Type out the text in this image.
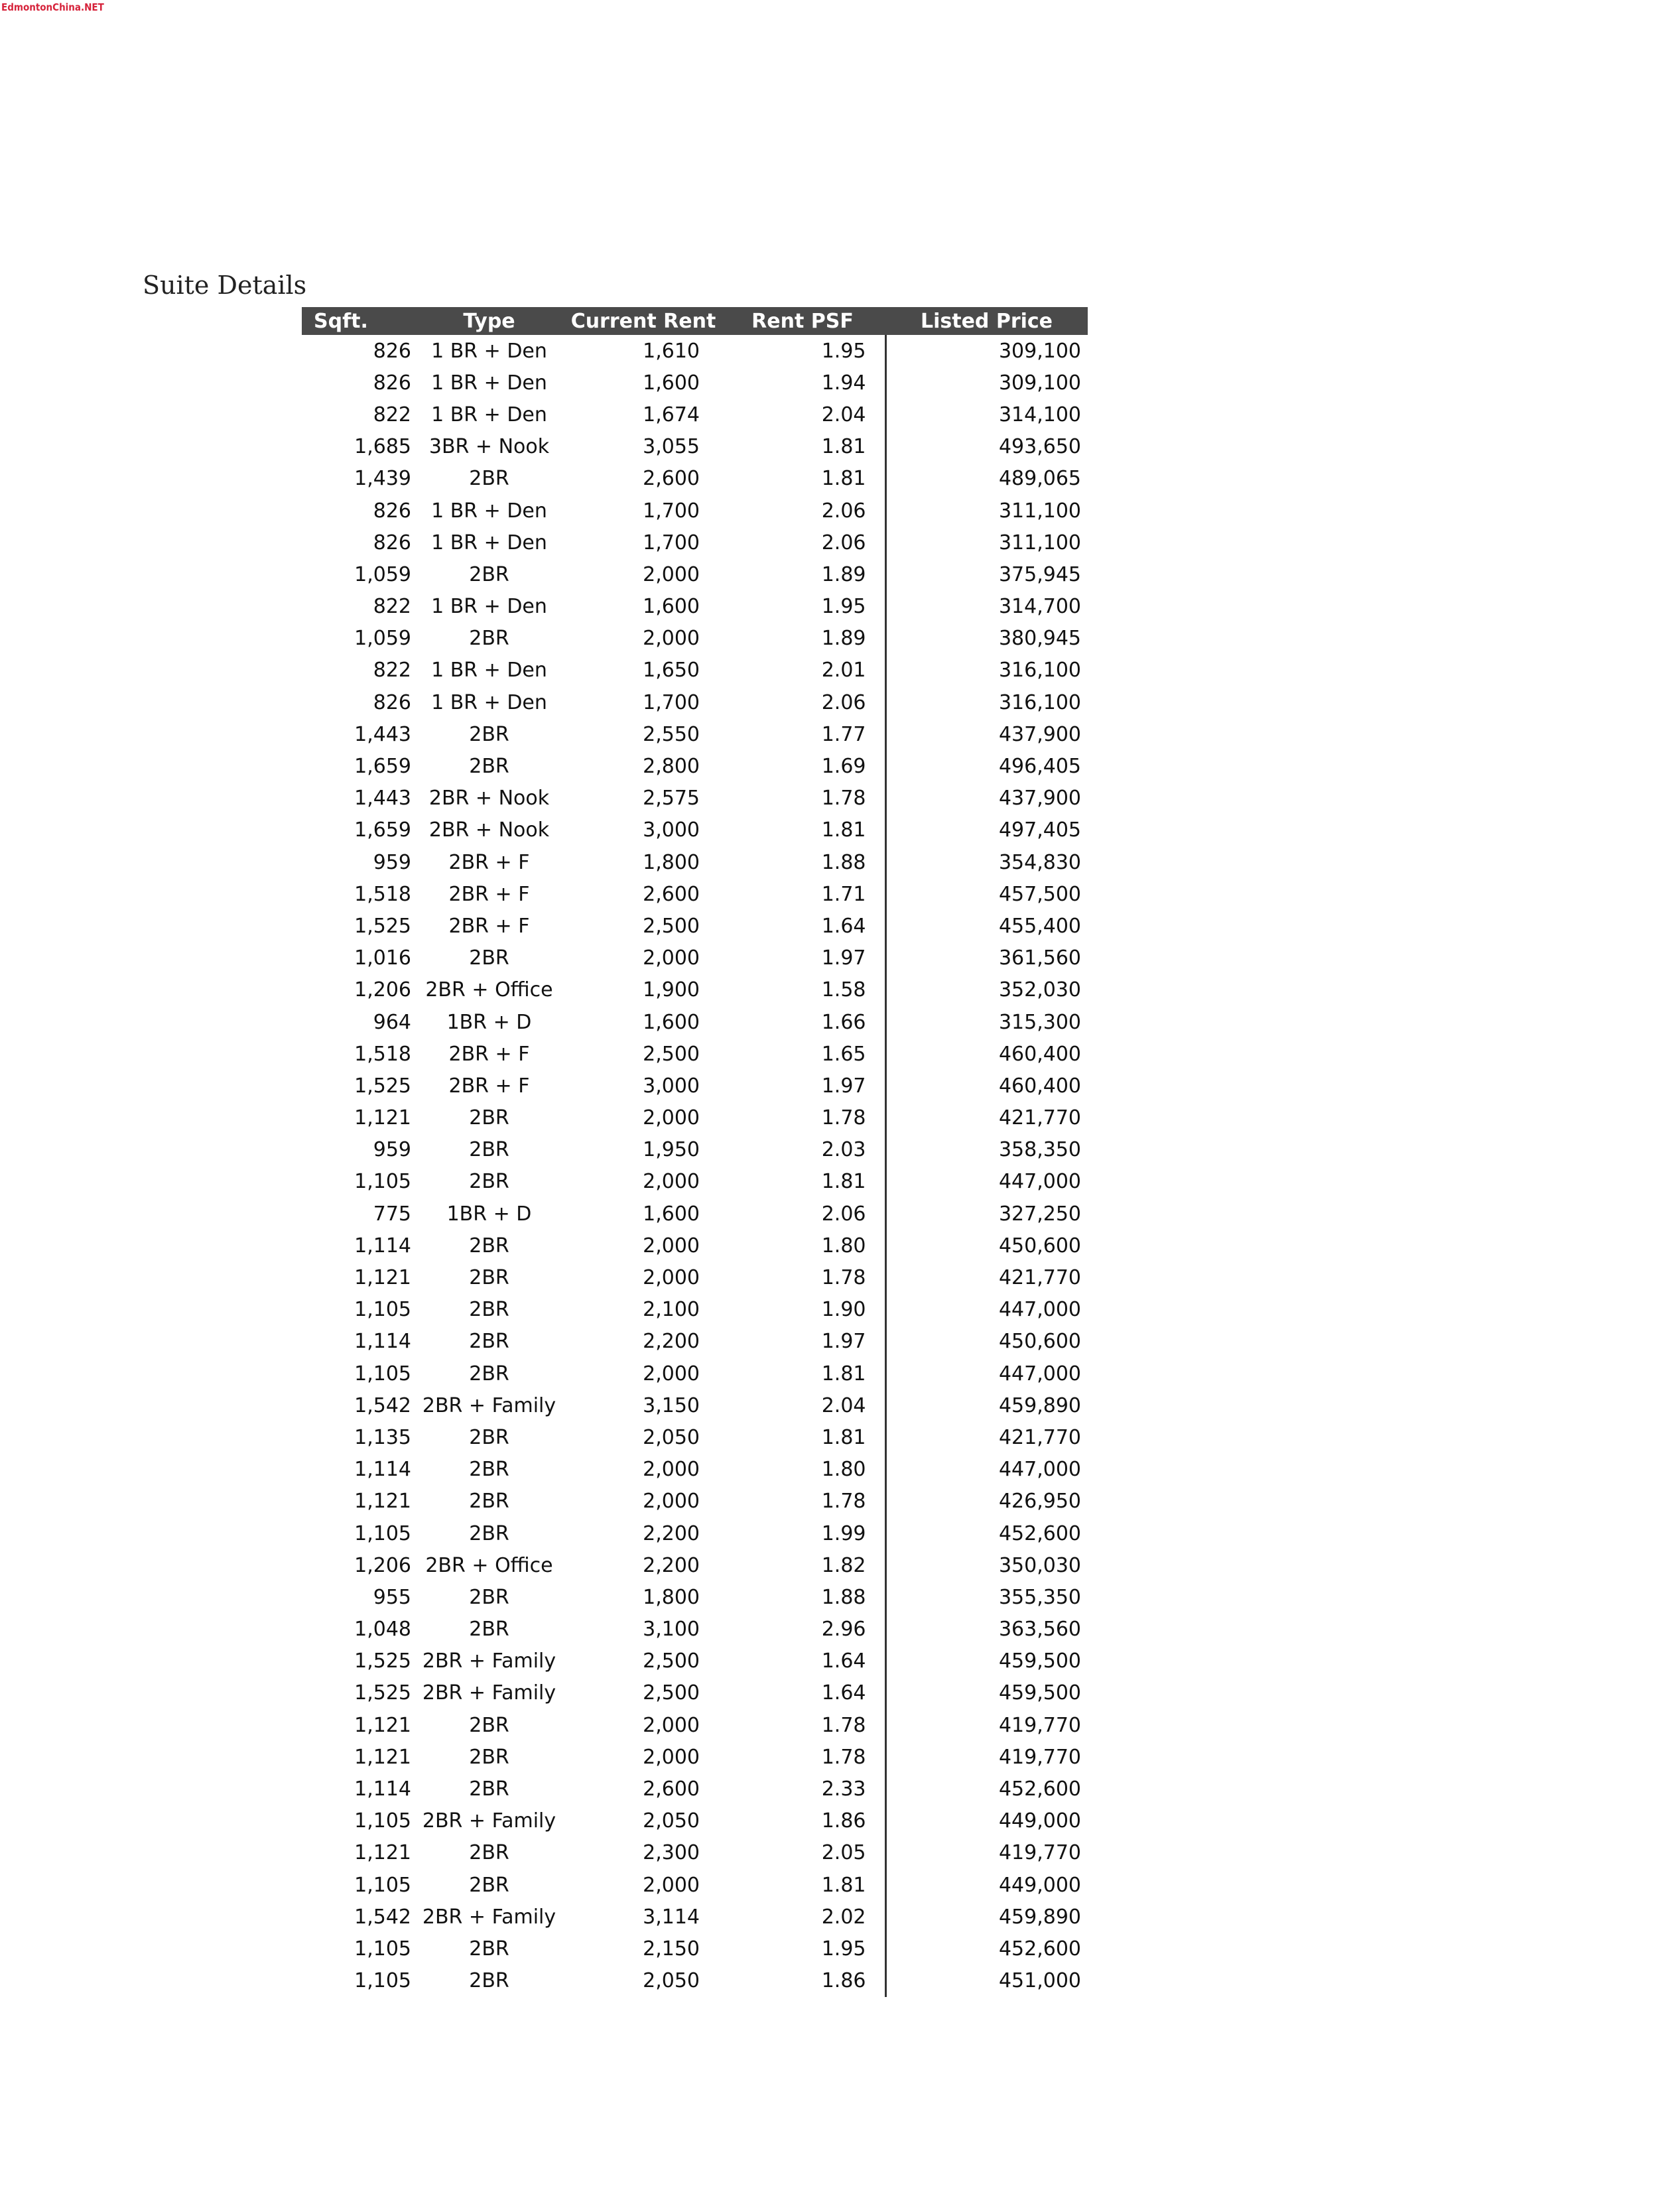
EdmontonChina.NET
Suite Details
Sqft.	Type	Current Rent	Rent PSF	Listed Price
826	1 BR + Den	1,610	1.95	309,100
826	1 BR + Den	1,600	1.94	309,100
822	1 BR + Den	1,674	2.04	314,100
1,685	3BR + Nook	3,055	1.81	493,650
1,439	2BR	2,600	1.81	489,065
826	1 BR + Den	1,700	2.06	311,100
826	1 BR + Den	1,700	2.06	311,100
1,059	2BR	2,000	1.89	375,945
822	1 BR + Den	1,600	1.95	314,700
1,059	2BR	2,000	1.89	380,945
822	1 BR + Den	1,650	2.01	316,100
826	1 BR + Den	1,700	2.06	316,100
1,443	2BR	2,550	1.77	437,900
1,659	2BR	2,800	1.69	496,405
1,443	2BR + Nook	2,575	1.78	437,900
1,659	2BR + Nook	3,000	1.81	497,405
959	2BR + F	1,800	1.88	354,830
1,518	2BR + F	2,600	1.71	457,500
1,525	2BR + F	2,500	1.64	455,400
1,016	2BR	2,000	1.97	361,560
1,206	2BR + Office	1,900	1.58	352,030
964	1BR + D	1,600	1.66	315,300
1,518	2BR + F	2,500	1.65	460,400
1,525	2BR + F	3,000	1.97	460,400
1,121	2BR	2,000	1.78	421,770
959	2BR	1,950	2.03	358,350
1,105	2BR	2,000	1.81	447,000
775	1BR + D	1,600	2.06	327,250
1,114	2BR	2,000	1.80	450,600
1,121	2BR	2,000	1.78	421,770
1,105	2BR	2,100	1.90	447,000
1,114	2BR	2,200	1.97	450,600
1,105	2BR	2,000	1.81	447,000
1,542	2BR + Family	3,150	2.04	459,890
1,135	2BR	2,050	1.81	421,770
1,114	2BR	2,000	1.80	447,000
1,121	2BR	2,000	1.78	426,950
1,105	2BR	2,200	1.99	452,600
1,206	2BR + Office	2,200	1.82	350,030
955	2BR	1,800	1.88	355,350
1,048	2BR	3,100	2.96	363,560
1,525	2BR + Family	2,500	1.64	459,500
1,525	2BR + Family	2,500	1.64	459,500
1,121	2BR	2,000	1.78	419,770
1,121	2BR	2,000	1.78	419,770
1,114	2BR	2,600	2.33	452,600
1,105	2BR + Family	2,050	1.86	449,000
1,121	2BR	2,300	2.05	419,770
1,105	2BR	2,000	1.81	449,000
1,542	2BR + Family	3,114	2.02	459,890
1,105	2BR	2,150	1.95	452,600
1,105	2BR	2,050	1.86	451,000
